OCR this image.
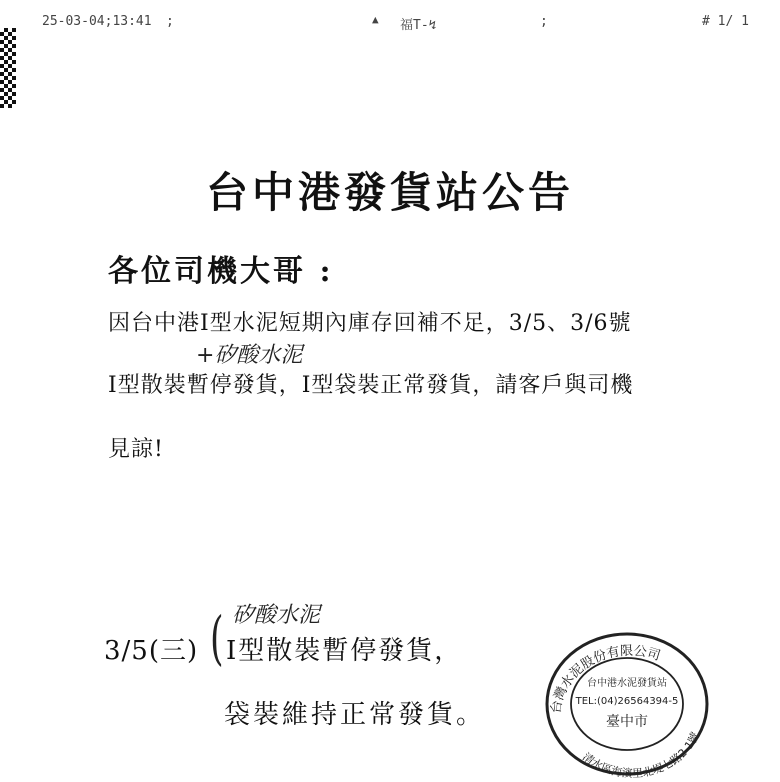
25-03-04;13:41 ;	▲ 福T-↯	;	# 1/ 1
台中港發貨站公告
各位司機大哥 :
因台中港I型水泥短期內庫存回補不足，3/5、3/6號
+矽酸水泥
I型散裝暫停發貨，I型袋裝正常發貨，請客戶與司機
見諒!
3/5(三) ( 矽酸水泥
I型散裝暫停發貨，
袋裝維持正常發貨。	台灣水泥股份有限公司
清水區海濱里北堤七路2-1號
台中港水泥發貨站
TEL:(04)26564394-5
臺中市
